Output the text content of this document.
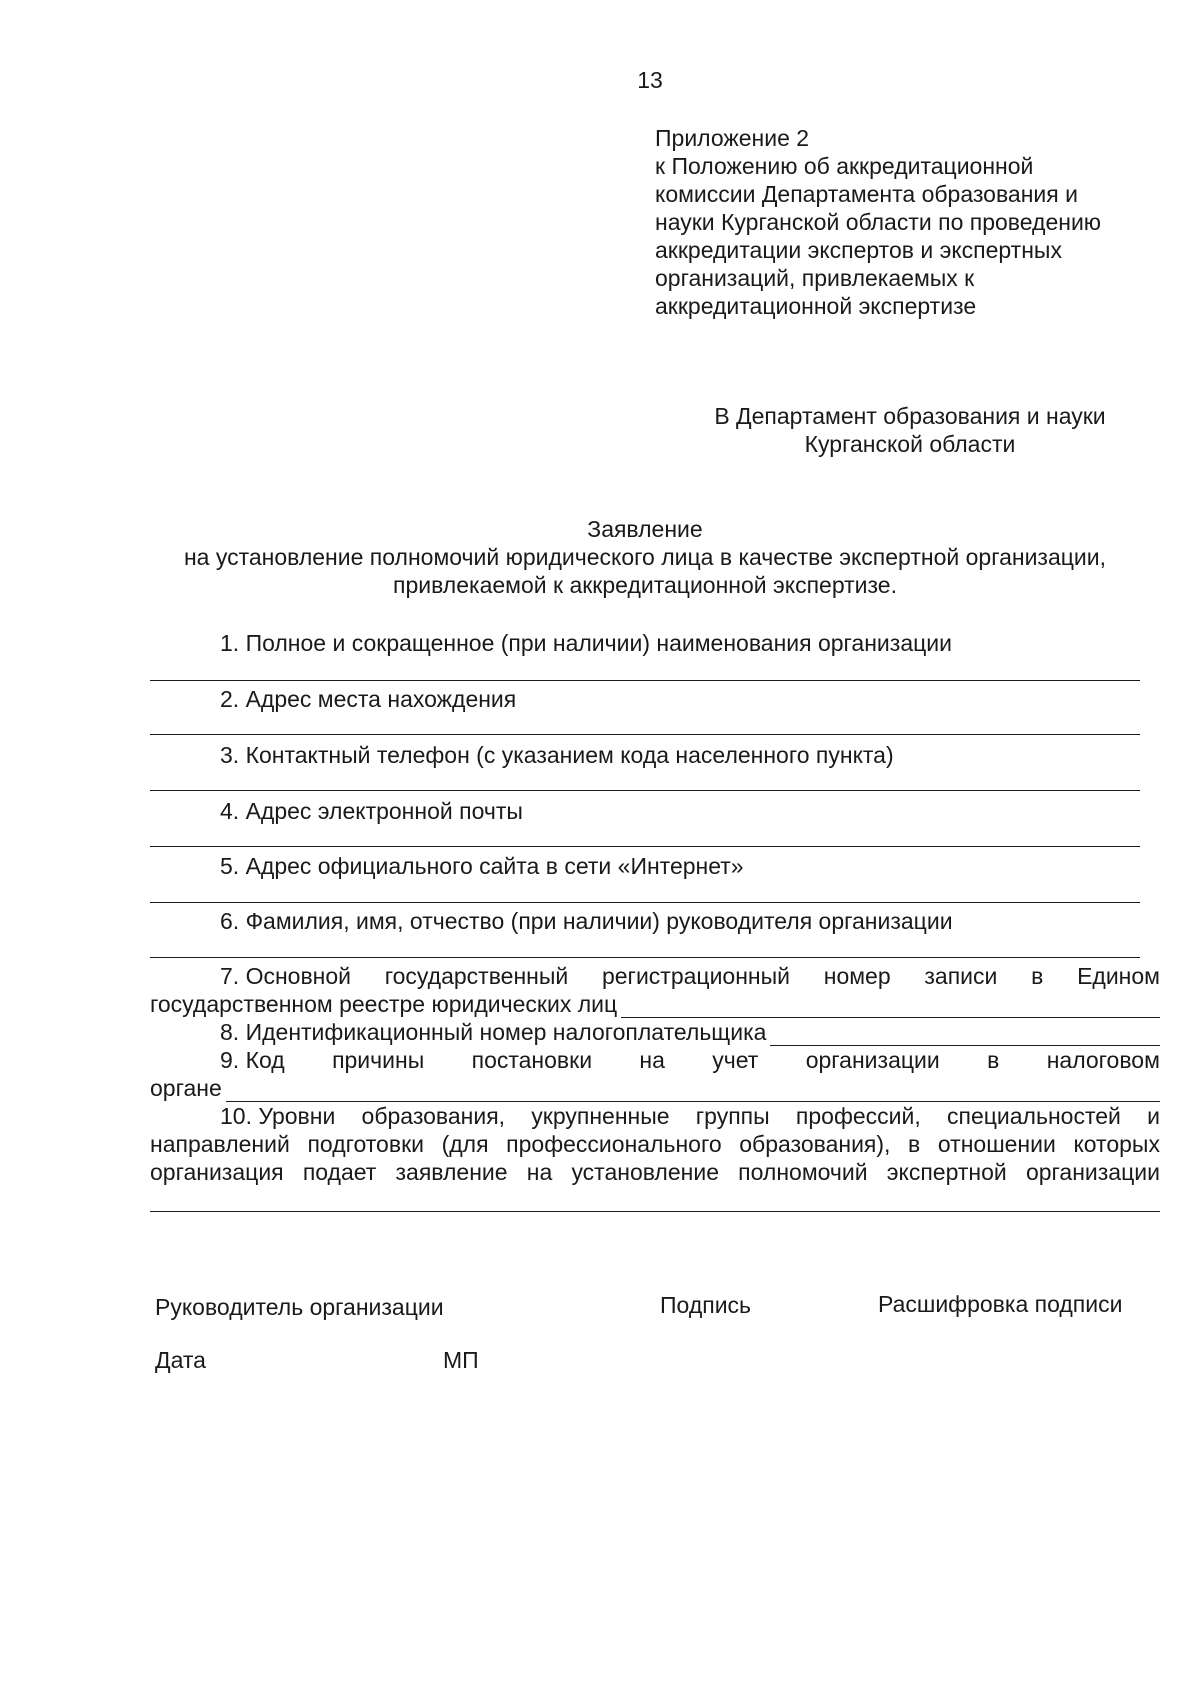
13
Приложение 2
к Положению об аккредитационной
комиссии Департамента образования и
науки Курганской области по проведению
аккредитации экспертов и экспертных
организаций, привлекаемых к
аккредитационной экспертизе
В Департамент образования и науки
Курганской области
Заявление
на установление полномочий юридического лица в качестве экспертной организации,
привлекаемой к аккредитационной экспертизе.
1. Полное и сокращенное (при наличии) наименования организации
2. Адрес места нахождения
3. Контактный телефон (с указанием кода населенного пункта)
4. Адрес электронной почты
5. Адрес официального сайта в сети «Интернет»
6. Фамилия, имя, отчество (при наличии) руководителя организации
7. Основной государственный регистрационный номер записи в Едином
государственном реестре юридических лиц
8. Идентификационный номер налогоплательщика
9. Код причины постановки на учет организации в налоговом
органе
10. Уровни образования, укрупненные группы профессий, специальностей и
направлений подготовки (для профессионального образования), в отношении которых
организация подает заявление на установление полномочий экспертной организации
Руководитель организации	Подпись	Расшифровка подписи
Дата	МП
